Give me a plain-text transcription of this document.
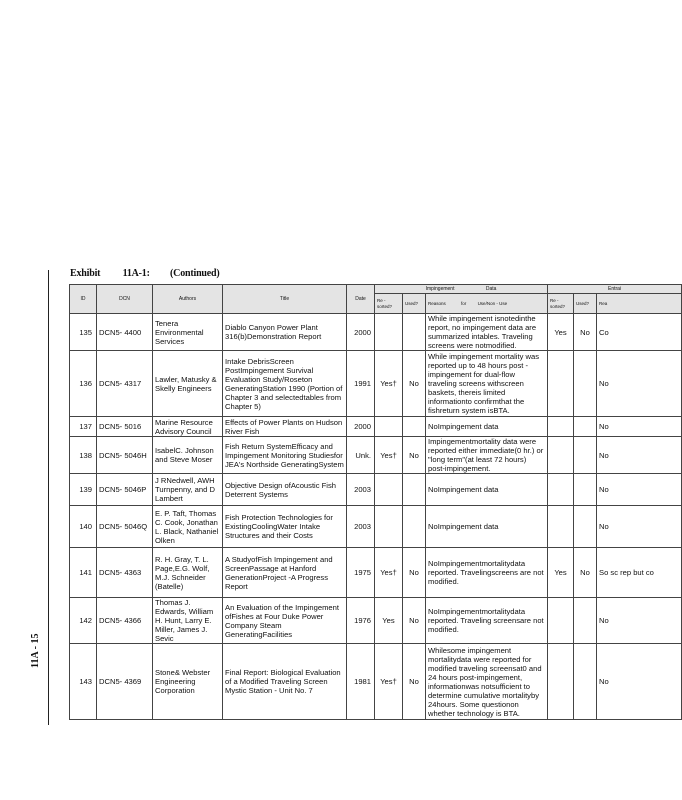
11A - 15
Exhibit 11A-1: (Continued)
ID	DCN	Authors	Title	Date	Impingement Data			Entrai		
					Re - sorted?	Used?	Reasons for Use/Non - Use	Re - sorted?	Used?	Rea
135	DCN5- 4400	Tenera Environmental Services	Diablo Canyon Power Plant 316(b)Demonstration Report	2000			While impingement isnotedinthe report, no impingement data are summarized intables. Traveling screens were notmodified.	Yes	No	Co
136	DCN5- 4317	Lawler, Matusky & Skelly Engineers	Intake DebrisScreen PostImpingement Survival Evaluation Study/Roseton GeneratingStation 1990 (Portion of Chapter 3 and selectedtables from Chapter 5)	1991	Yes†	No	While impingement mortality was reported up to 48 hours post - impingement for dual-flow traveling screens withscreen baskets, thereis limited informationto confirmthat the fishreturn system isBTA.			No
137	DCN5- 5016	Marine Resource Advisory Council	Effects of Power Plants on Hudson River Fish	2000			NoImpingement data			No
138	DCN5- 5046H	IsabelC. Johnson and Steve Moser	Fish Return SystemEfficacy and Impingement Monitoring Studiesfor JEA's Northside GeneratingSystem	Unk.	Yes†	No	Impingementmortality data were reported either immediate(0 hr.) or "long term"(at least 72 hours) post-impingement.			No
139	DCN5- 5046P	J RNedwell, AWH Turnpenny, and D Lambert	Objective Design ofAcoustic Fish Deterrent Systems	2003			NoImpingement data			No
140	DCN5- 5046Q	E. P. Taft, Thomas C. Cook, Jonathan L. Black, Nathaniel Olken	Fish Protection Technologies for ExistingCoolingWater Intake Structures and their Costs	2003			NoImpingement data			No
141	DCN5- 4363	R. H. Gray, T. L. Page,E.G. Wolf, M.J. Schneider (Batelle)	A StudyofFish Impingement and ScreenPassage at Hanford GenerationProject -A Progress Report	1975	Yes†	No	NoImpingementmortalitydata reported. Travelingscreens are not modified.	Yes	No	So sc rep but co
142	DCN5- 4366	Thomas J. Edwards, William H. Hunt, Larry E. Miller, James J. Sevic	An Evaluation of the Impingement ofFishes at Four Duke Power Company Steam GeneratingFacilities	1976	Yes	No	NoImpingementmortalitydata reported. Traveling screensare not modified.			No
143	DCN5- 4369	Stone& Webster Engineering Corporation	Final Report: Biological Evaluation of a Modified Traveling Screen Mystic Station - Unit No. 7	1981	Yes†	No	Whilesome impingement mortalitydata were reported for modified traveling screensat0 and 24 hours post-impingement, informationwas notsufficient to determine cumulative mortalityby 24hours. Some questionon whether technology is BTA.			No
